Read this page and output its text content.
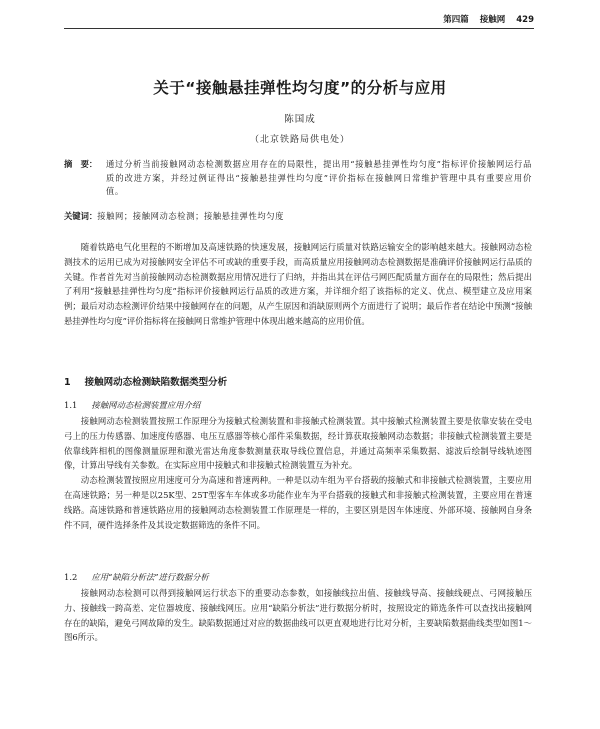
第四篇 接触网 429
关于“接触悬挂弹性均匀度”的分析与应用
陈国成
（北京铁路局供电处）
摘　要： 通过分析当前接触网动态检测数据应用存在的局限性，提出用“接触悬挂弹性均匀度”指标评价接触网运行品质的改进方案，并经过例证得出“接触悬挂弹性均匀度”评价指标在接触网日常维护管理中具有重要应用价值。
关键词：接触网；接触网动态检测；接触悬挂弹性均匀度

随着铁路电气化里程的不断增加及高速铁路的快速发展，接触网运行质量对铁路运输安全的影响越来越大。接触网动态检测技术的运用已成为对接触网安全评估不可或缺的重要手段，而高质量应用接触网动态检测数据是准确评价接触网运行品质的关键。作者首先对当前接触网动态检测数据应用情况进行了归纳，并指出其在评估弓网匹配质量方面存在的局限性；然后提出了利用“接触悬挂弹性均匀度”指标评价接触网运行品质的改进方案，并详细介绍了该指标的定义、优点、模型建立及应用案例；最后对动态检测评价结果中接触网存在的问题，从产生原因和消缺原则两个方面进行了说明；最后作者在结论中预测“接触悬挂弹性均匀度”评价指标将在接触网日常维护管理中体现出越来越高的应用价值。

1 接触网动态检测缺陷数据类型分析
1.1 接触网动态检测装置应用介绍

接触网动态检测装置按照工作原理分为接触式检测装置和非接触式检测装置。其中接触式检测装置主要是依靠安装在受电弓上的压力传感器、加速度传感器、电压互感器等核心部件采集数据，经计算获取接触网动态数据；非接触式检测装置主要是依靠线阵相机的图像测量原理和激光雷达角度参数测量获取导线位置信息，并通过高频率采集数据、滤波后绘制导线轨迹图像，计算出导线有关参数。在实际应用中接触式和非接触式检测装置互为补充。

动态检测装置按照应用速度可分为高速和普速两种。一种是以动车组为平台搭载的接触式和非接触式检测装置，主要应用在高速铁路；另一种是以25K型、25T型客车车体或多功能作业车为平台搭载的接触式和非接触式检测装置，主要应用在普速线路。高速铁路和普速铁路应用的接触网动态检测装置工作原理是一样的，主要区别是因车体速度、外部环境、接触网自身条件不同，硬件选择条件及其设定数据筛选的条件不同。

1.2 应用“缺陷分析法”进行数据分析

接触网动态检测可以得到接触网运行状态下的重要动态参数，如接触线拉出值、接触线导高、接触线硬点、弓网接触压力、接触线一跨高差、定位器坡度、接触线网压。应用“缺陷分析法”进行数据分析时，按照设定的筛选条件可以查找出接触网存在的缺陷，避免弓网故障的发生。缺陷数据通过对应的数据曲线可以更直观地进行比对分析，主要缺陷数据曲线类型如图1～图6所示。
